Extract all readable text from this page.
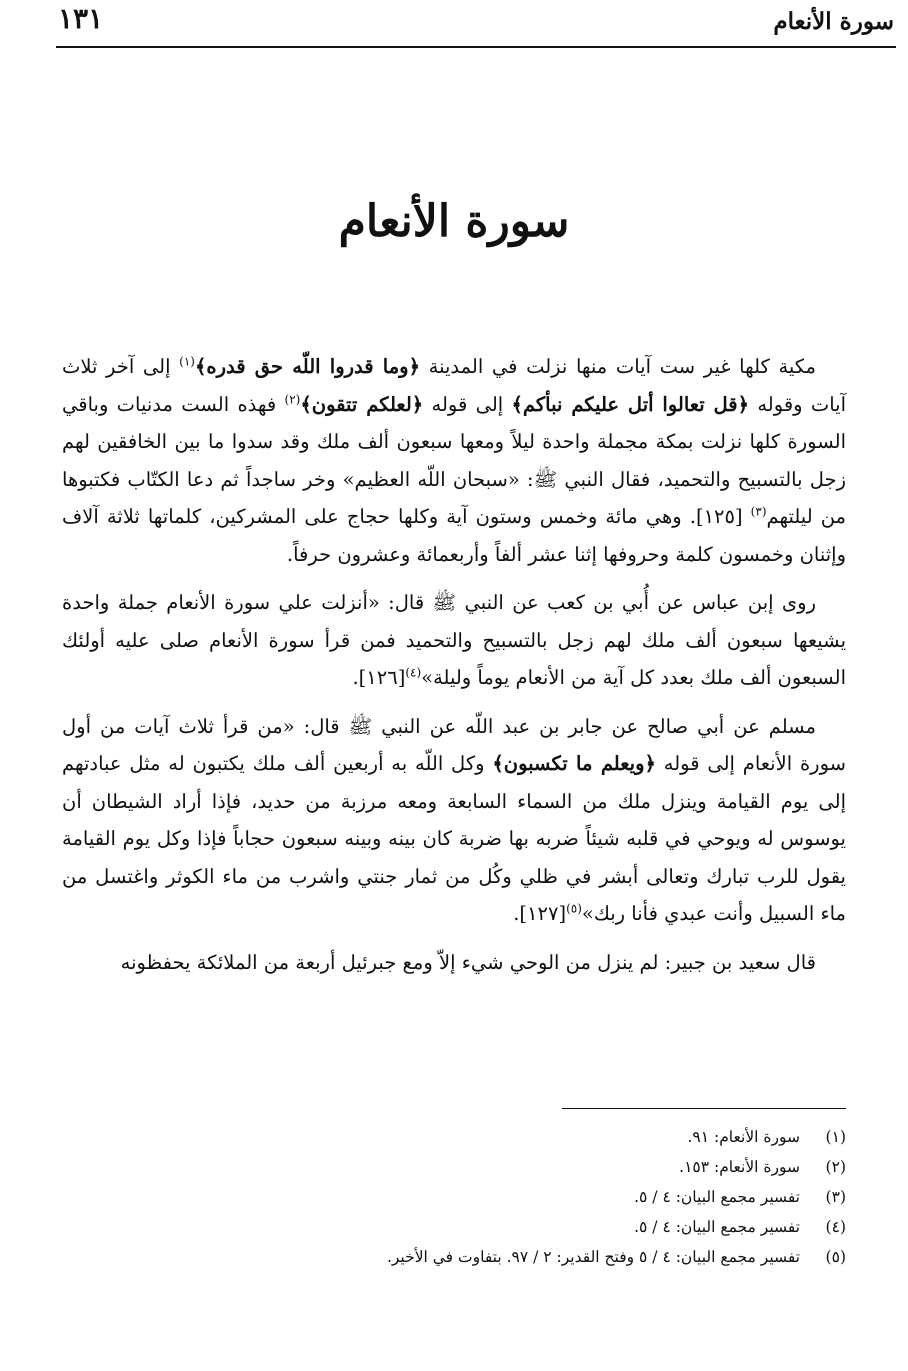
سورة الأنعام
١٣١
سورة الأنعام

مكية كلها غير ست آيات منها نزلت في المدينة ﴿وما قدروا اللّه حق قدره﴾$^{(١)}$ إلى آخر ثلاث آيات وقوله ﴿قل تعالوا أتل عليكم نبأكم﴾ إلى قوله ﴿لعلكم تتقون﴾$^{(٢)}$ فهذه الست مدنيات وباقي السورة كلها نزلت بمكة مجملة واحدة ليلاً ومعها سبعون ألف ملك وقد سدوا ما بين الخافقين لهم زجل بالتسبيح والتحميد، فقال النبي ﷺ: «سبحان اللّه العظيم» وخر ساجداً ثم دعا الكتّاب فكتبوها من ليلتهم$^{(٣)}$ [١٢٥]. وهي مائة وخمس وستون آية وكلها حجاج على المشركين، كلماتها ثلاثة آلاف وإثنان وخمسون كلمة وحروفها إثنا عشر ألفاً وأربعمائة وعشرون حرفاً.

روى إبن عباس عن أُبي بن كعب عن النبي ﷺ قال: «أنزلت علي سورة الأنعام جملة واحدة يشيعها سبعون ألف ملك لهم زجل بالتسبيح والتحميد فمن قرأ سورة الأنعام صلى عليه أولئك السبعون ألف ملك بعدد كل آية من الأنعام يوماً وليلة»$^{(٤)}$[١٢٦].

مسلم عن أبي صالح عن جابر بن عبد اللّه عن النبي ﷺ قال: «من قرأ ثلاث آيات من أول سورة الأنعام إلى قوله ﴿ويعلم ما تكسبون﴾ وكل اللّه به أربعين ألف ملك يكتبون له مثل عبادتهم إلى يوم القيامة وينزل ملك من السماء السابعة ومعه مرزبة من حديد، فإذا أراد الشيطان أن يوسوس له ويوحي في قلبه شيئاً ضربه بها ضربة كان بينه وبينه سبعون حجاباً فإذا وكل يوم القيامة يقول للرب تبارك وتعالى أبشر في ظلي وكُل من ثمار جنتي واشرب من ماء الكوثر واغتسل من ماء السبيل وأنت عبدي فأنا ربك»$^{(٥)}$[١٢٧].

قال سعيد بن جبير: لم ينزل من الوحي شيء إلاّ ومع جبرئيل أربعة من الملائكة يحفظونه

(١)
سورة الأنعام: ٩١.
(٢)
سورة الأنعام: ١٥٣.
(٣)
تفسير مجمع البيان: ٤ / ٥.
(٤)
تفسير مجمع البيان: ٤ / ٥.
(٥)
تفسير مجمع البيان: ٤ / ٥ وفتح القدير: ٢ / ٩٧. بتفاوت في الأخير.
